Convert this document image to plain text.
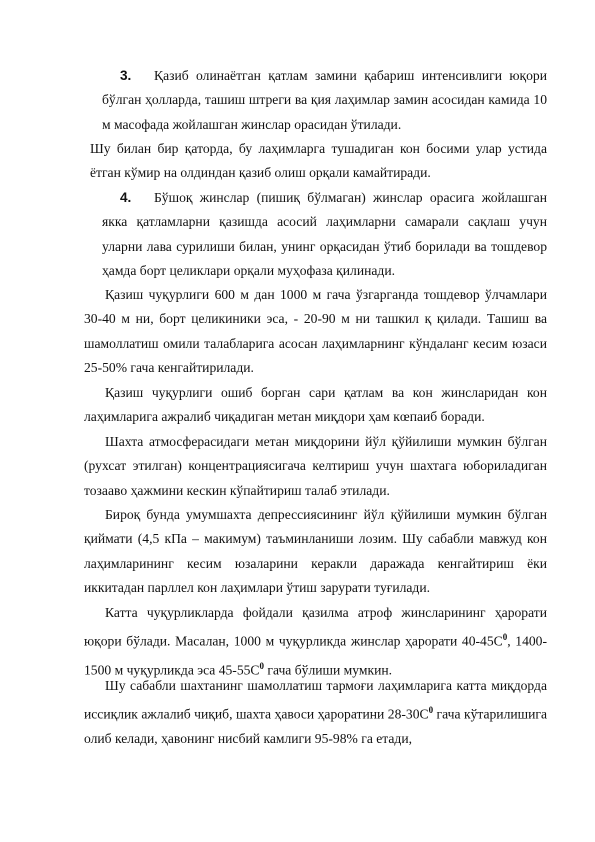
3.	Қазиб олинаётган қатлам замини қабариш интенсивлиги юқори бўлган ҳолларда, ташиш штреги ва қия лаҳимлар замин асосидан камида 10 м масофада жойлашган жинслар орасидан ўтилади.

Шу билан бир қаторда, бу лаҳимларга тушадиган кон босими улар устида ётган кўмир на олдиндан қазиб олиш орқали камайтиради.

4.	Бўшоқ жинслар (пишиқ бўлмаган) жинслар орасига жойлашган якка қатламларни қазишда асосий лаҳимларни самарали сақлаш учун уларни лава сурилиши билан, унинг орқасидан ўтиб борилади ва тошдевор ҳамда борт целиклари орқали муҳофаза қилинади.

Қазиш чуқурлиги 600 м дан 1000 м гача ўзгарганда тошдевор ўлчамлари 30-40 м ни, борт целикиники эса, - 20-90 м ни ташкил қ қилади. Ташиш ва шамоллатиш омили талабларига асосан лаҳимларнинг кўндаланг кесим юзаси 25-50% гача кенгайтирилади.

Қазиш чуқурлиги ошиб борган сари қатлам ва кон жинсларидан кон лаҳимларига ажралиб чиқадиган метан миқдори ҳам кœпаиб боради.

Шахта атмосферасидаги метан миқдорини йўл қўйилиши мумкин бўлган (рухсат этилган) концентрациясигача келтириш учун шахтага юбориладиган тозаавo ҳажмини кескин кўпайтириш талаб этилади.

Бироқ бунда умумшахта депрессиясининг йўл қўйилиши мумкин бўлган қиймати (4,5 кПа – макимум) таъминланиши лозим. Шу сабабли мавжуд кон лаҳимларининг кесим юзаларини керакли даражада кенгайтириш ёки иккитадан парллел кон лаҳимлари ўтиш зарурати туғилади.

Катта чуқурликларда фойдали қазилма атроф жинсларининг ҳарорати юқори бўлади. Масалан, 1000 м чуқурликда жинслар ҳарорати $40-45С^0$, 1400-1500 м чуқурликда эса $45-55С^0$ гача бўлиши мумкин.

Шу сабабли шахтанинг шамоллатиш тармоғи лаҳимларига катта миқдорда иссиқлик ажлалиб чиқиб, шахта ҳавоси ҳароратини $28-30С^0$ гача кўтарилишига олиб келади, ҳавонинг нисбий камлиги 95-98% га етади,
